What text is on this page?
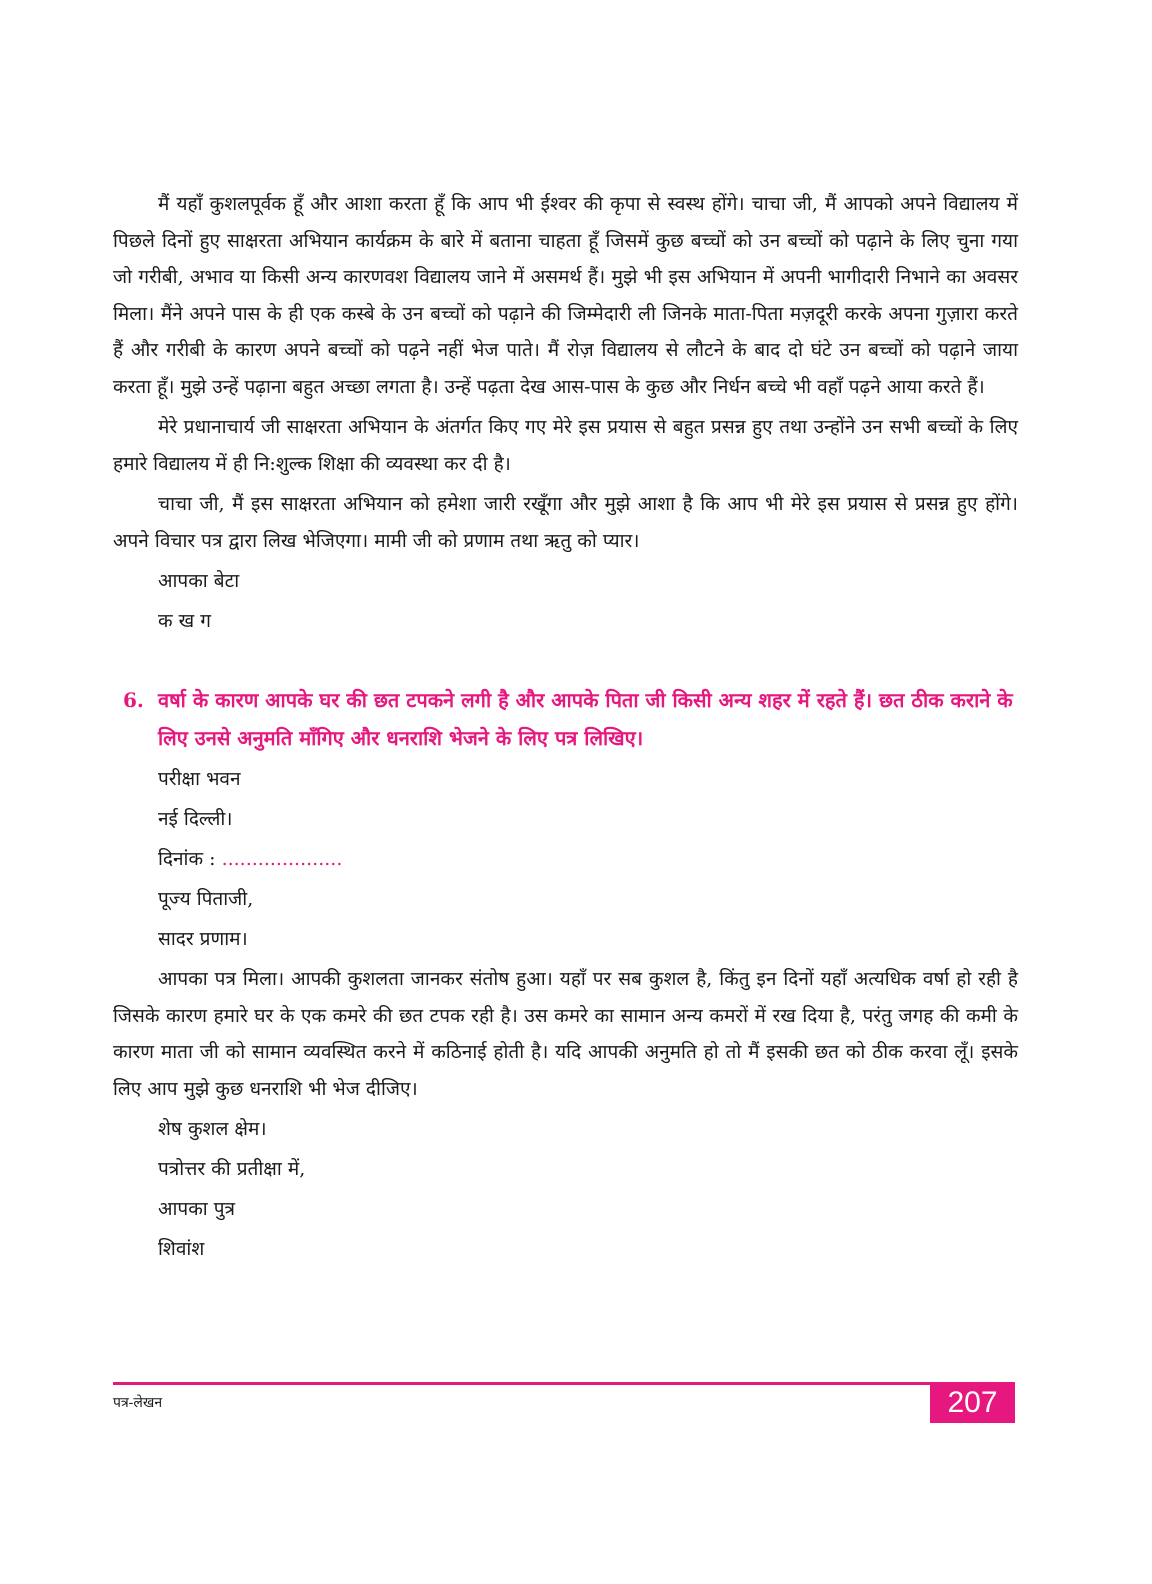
मैं यहाँ कुशलपूर्वक हूँ और आशा करता हूँ कि आप भी ईश्वर की कृपा से स्वस्थ होंगे। चाचा जी, मैं आपको अपने विद्यालय में पिछले दिनों हुए साक्षरता अभियान कार्यक्रम के बारे में बताना चाहता हूँ जिसमें कुछ बच्चों को उन बच्चों को पढ़ाने के लिए चुना गया जो गरीबी, अभाव या किसी अन्य कारणवश विद्यालय जाने में असमर्थ हैं। मुझे भी इस अभियान में अपनी भागीदारी निभाने का अवसर मिला। मैंने अपने पास के ही एक कस्बे के उन बच्चों को पढ़ाने की जिम्मेदारी ली जिनके माता-पिता मज़दूरी करके अपना गुज़ारा करते हैं और गरीबी के कारण अपने बच्चों को पढ़ने नहीं भेज पाते। मैं रोज़ विद्यालय से लौटने के बाद दो घंटे उन बच्चों को पढ़ाने जाया करता हूँ। मुझे उन्हें पढ़ाना बहुत अच्छा लगता है। उन्हें पढ़ता देख आस-पास के कुछ और निर्धन बच्चे भी वहाँ पढ़ने आया करते हैं।

मेरे प्रधानाचार्य जी साक्षरता अभियान के अंतर्गत किए गए मेरे इस प्रयास से बहुत प्रसन्न हुए तथा उन्होंने उन सभी बच्चों के लिए हमारे विद्यालय में ही नि:शुल्क शिक्षा की व्यवस्था कर दी है।

चाचा जी, मैं इस साक्षरता अभियान को हमेशा जारी रखूँगा और मुझे आशा है कि आप भी मेरे इस प्रयास से प्रसन्न हुए होंगे। अपने विचार पत्र द्वारा लिख भेजिएगा। मामी जी को प्रणाम तथा ऋतु को प्यार।

आपका बेटा
क ख ग
6. वर्षा के कारण आपके घर की छत टपकने लगी है और आपके पिता जी किसी अन्य शहर में रहते हैं। छत ठीक कराने के लिए उनसे अनुमति माँगिए और धनराशि भेजने के लिए पत्र लिखिए।
परीक्षा भवन
नई दिल्ली।
दिनांक : ....................
पूज्य पिताजी,
सादर प्रणाम।

आपका पत्र मिला। आपकी कुशलता जानकर संतोष हुआ। यहाँ पर सब कुशल है, किंतु इन दिनों यहाँ अत्यधिक वर्षा हो रही है जिसके कारण हमारे घर के एक कमरे की छत टपक रही है। उस कमरे का सामान अन्य कमरों में रख दिया है, परंतु जगह की कमी के कारण माता जी को सामान व्यवस्थित करने में कठिनाई होती है। यदि आपकी अनुमति हो तो मैं इसकी छत को ठीक करवा लूँ। इसके लिए आप मुझे कुछ धनराशि भी भेज दीजिए।

शेष कुशल क्षेम।
पत्रोत्तर की प्रतीक्षा में,
आपका पुत्र
शिवांश
पत्र-लेखन	207
